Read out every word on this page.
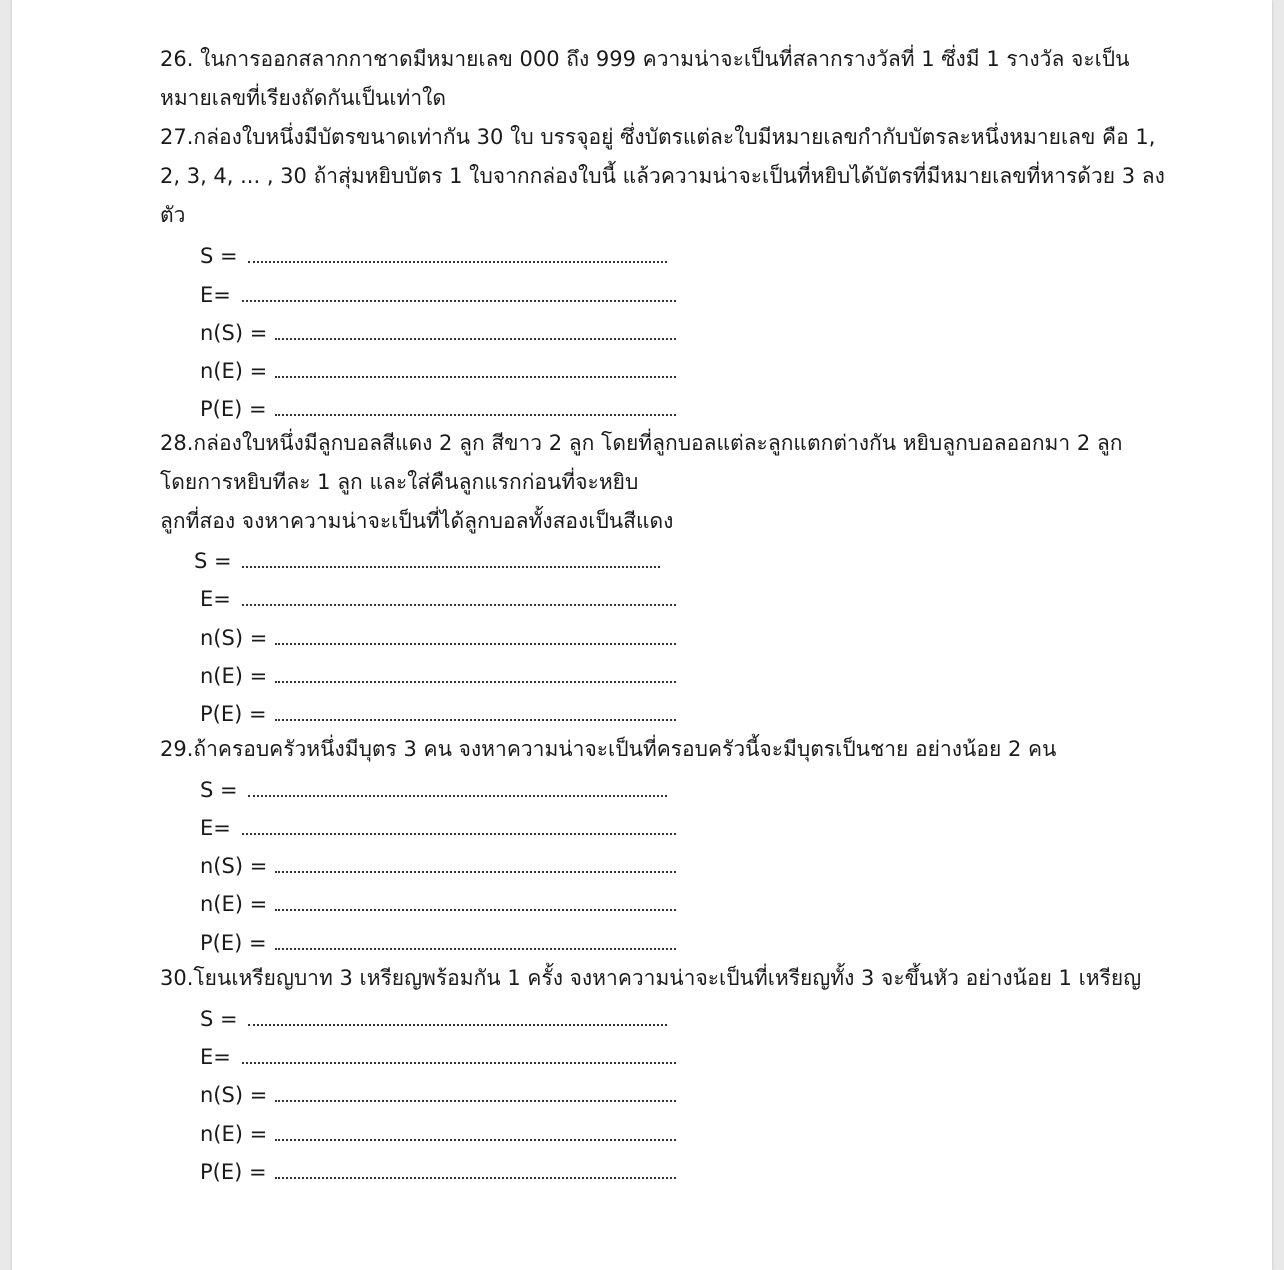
26. ในการออกสลากกาชาดมีหมายเลข 000 ถึง 999 ความน่าจะเป็นที่สลากรางวัลที่ 1 ซึ่งมี 1 รางวัล จะเป็น
หมายเลขที่เรียงถัดกันเป็นเท่าใด
27.กล่องใบหนึ่งมีบัตรขนาดเท่ากัน 30 ใบ บรรจุอยู่ ซึ่งบัตรแต่ละใบมีหมายเลขกำกับบัตรละหนึ่งหมายเลข คือ 1,
2, 3, 4, ... , 30 ถ้าสุ่มหยิบบัตร 1 ใบจากกล่องใบนี้ แล้วความน่าจะเป็นที่หยิบได้บัตรที่มีหมายเลขที่หารด้วย 3 ลง
ตัว
S =
E=
n(S) =
n(E) =
P(E) =
28.กล่องใบหนึ่งมีลูกบอลสีแดง 2 ลูก สีขาว 2 ลูก โดยที่ลูกบอลแต่ละลูกแตกต่างกัน หยิบลูกบอลออกมา 2 ลูก
โดยการหยิบทีละ 1 ลูก และใส่คืนลูกแรกก่อนที่จะหยิบ
ลูกที่สอง จงหาความน่าจะเป็นที่ได้ลูกบอลทั้งสองเป็นสีแดง
S =
E=
n(S) =
n(E) =
P(E) =
29.ถ้าครอบครัวหนึ่งมีบุตร 3 คน จงหาความน่าจะเป็นที่ครอบครัวนี้จะมีบุตรเป็นชาย อย่างน้อย 2 คน
S =
E=
n(S) =
n(E) =
P(E) =
30.โยนเหรียญบาท 3 เหรียญพร้อมกัน 1 ครั้ง จงหาความน่าจะเป็นที่เหรียญทั้ง 3 จะขึ้นหัว อย่างน้อย 1 เหรียญ
S =
E=
n(S) =
n(E) =
P(E) =
